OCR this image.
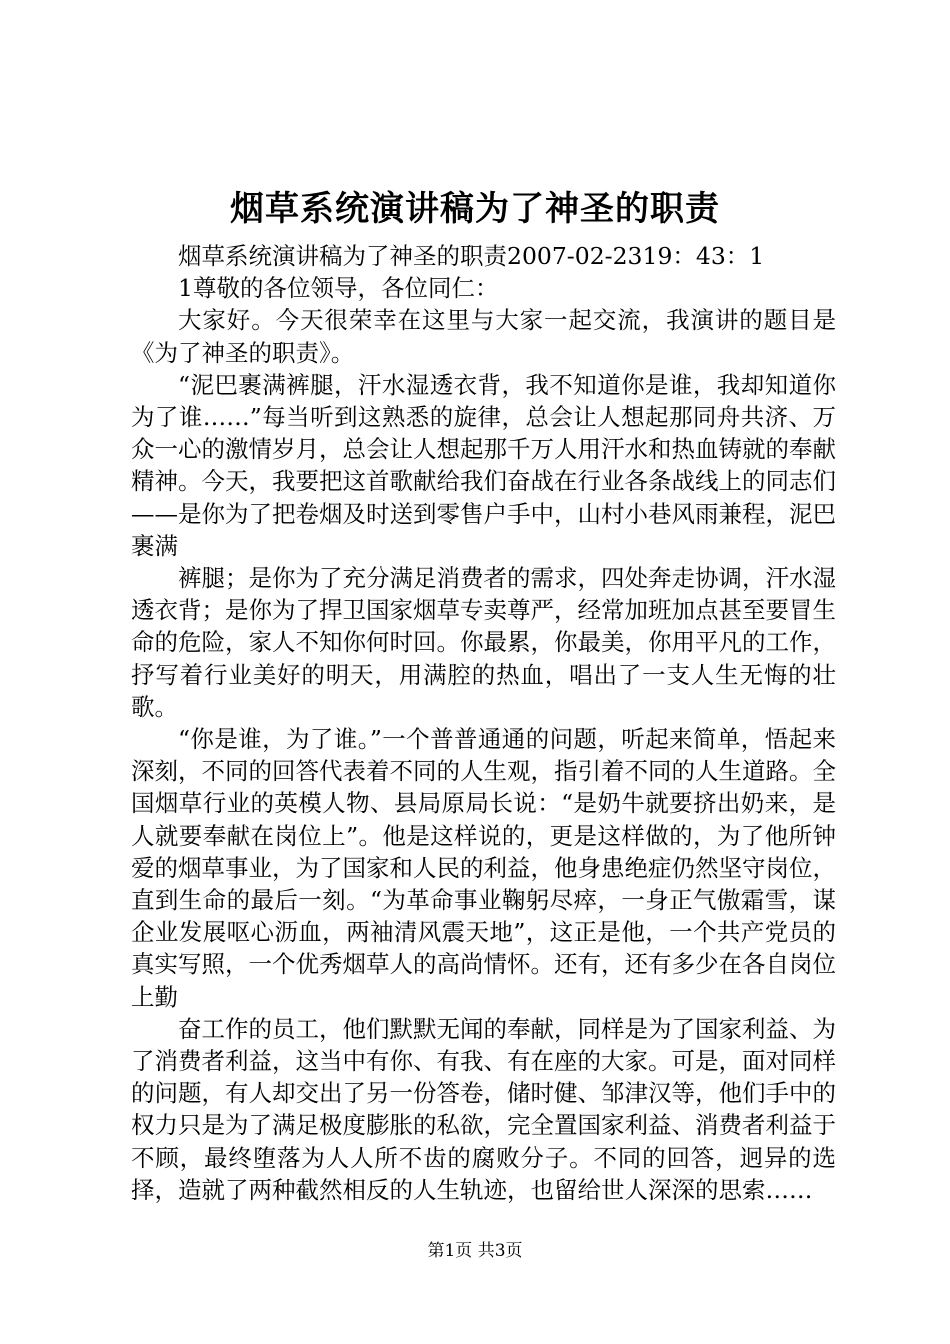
烟草系统演讲稿为了神圣的职责

烟草系统演讲稿为了神圣的职责2007-02-2319：43：1

1尊敬的各位领导，各位同仁：

大家好。今天很荣幸在这里与大家一起交流，我演讲的题目是《为了神圣的职责》。

“泥巴裹满裤腿，汗水湿透衣背，我不知道你是谁，我却知道你为了谁……”每当听到这熟悉的旋律，总会让人想起那同舟共济、万众一心的激情岁月，总会让人想起那千万人用汗水和热血铸就的奉献精神。今天，我要把这首歌献给我们奋战在行业各条战线上的同志们——是你为了把卷烟及时送到零售户手中，山村小巷风雨兼程，泥巴裹满

裤腿；是你为了充分满足消费者的需求，四处奔走协调，汗水湿透衣背；是你为了捍卫国家烟草专卖尊严，经常加班加点甚至要冒生命的危险，家人不知你何时回。你最累，你最美，你用平凡的工作，抒写着行业美好的明天，用满腔的热血，唱出了一支人生无悔的壮歌。

“你是谁，为了谁。”一个普普通通的问题，听起来简单，悟起来深刻，不同的回答代表着不同的人生观，指引着不同的人生道路。全国烟草行业的英模人物、县局原局长说：“是奶牛就要挤出奶来，是人就要奉献在岗位上”。他是这样说的，更是这样做的，为了他所钟爱的烟草事业，为了国家和人民的利益，他身患绝症仍然坚守岗位，直到生命的最后一刻。“为革命事业鞠躬尽瘁，一身正气傲霜雪，谋企业发展呕心沥血，两袖清风震天地”，这正是他，一个共产党员的真实写照，一个优秀烟草人的高尚情怀。还有，还有多少在各自岗位上勤

奋工作的员工，他们默默无闻的奉献，同样是为了国家利益、为了消费者利益，这当中有你、有我、有在座的大家。可是，面对同样的问题，有人却交出了另一份答卷，储时健、邹津汉等，他们手中的权力只是为了满足极度膨胀的私欲，完全置国家利益、消费者利益于不顾，最终堕落为人人所不齿的腐败分子。不同的回答，迥异的选择，造就了两种截然相反的人生轨迹，也留给世人深深的思索……

第1页 共3页
